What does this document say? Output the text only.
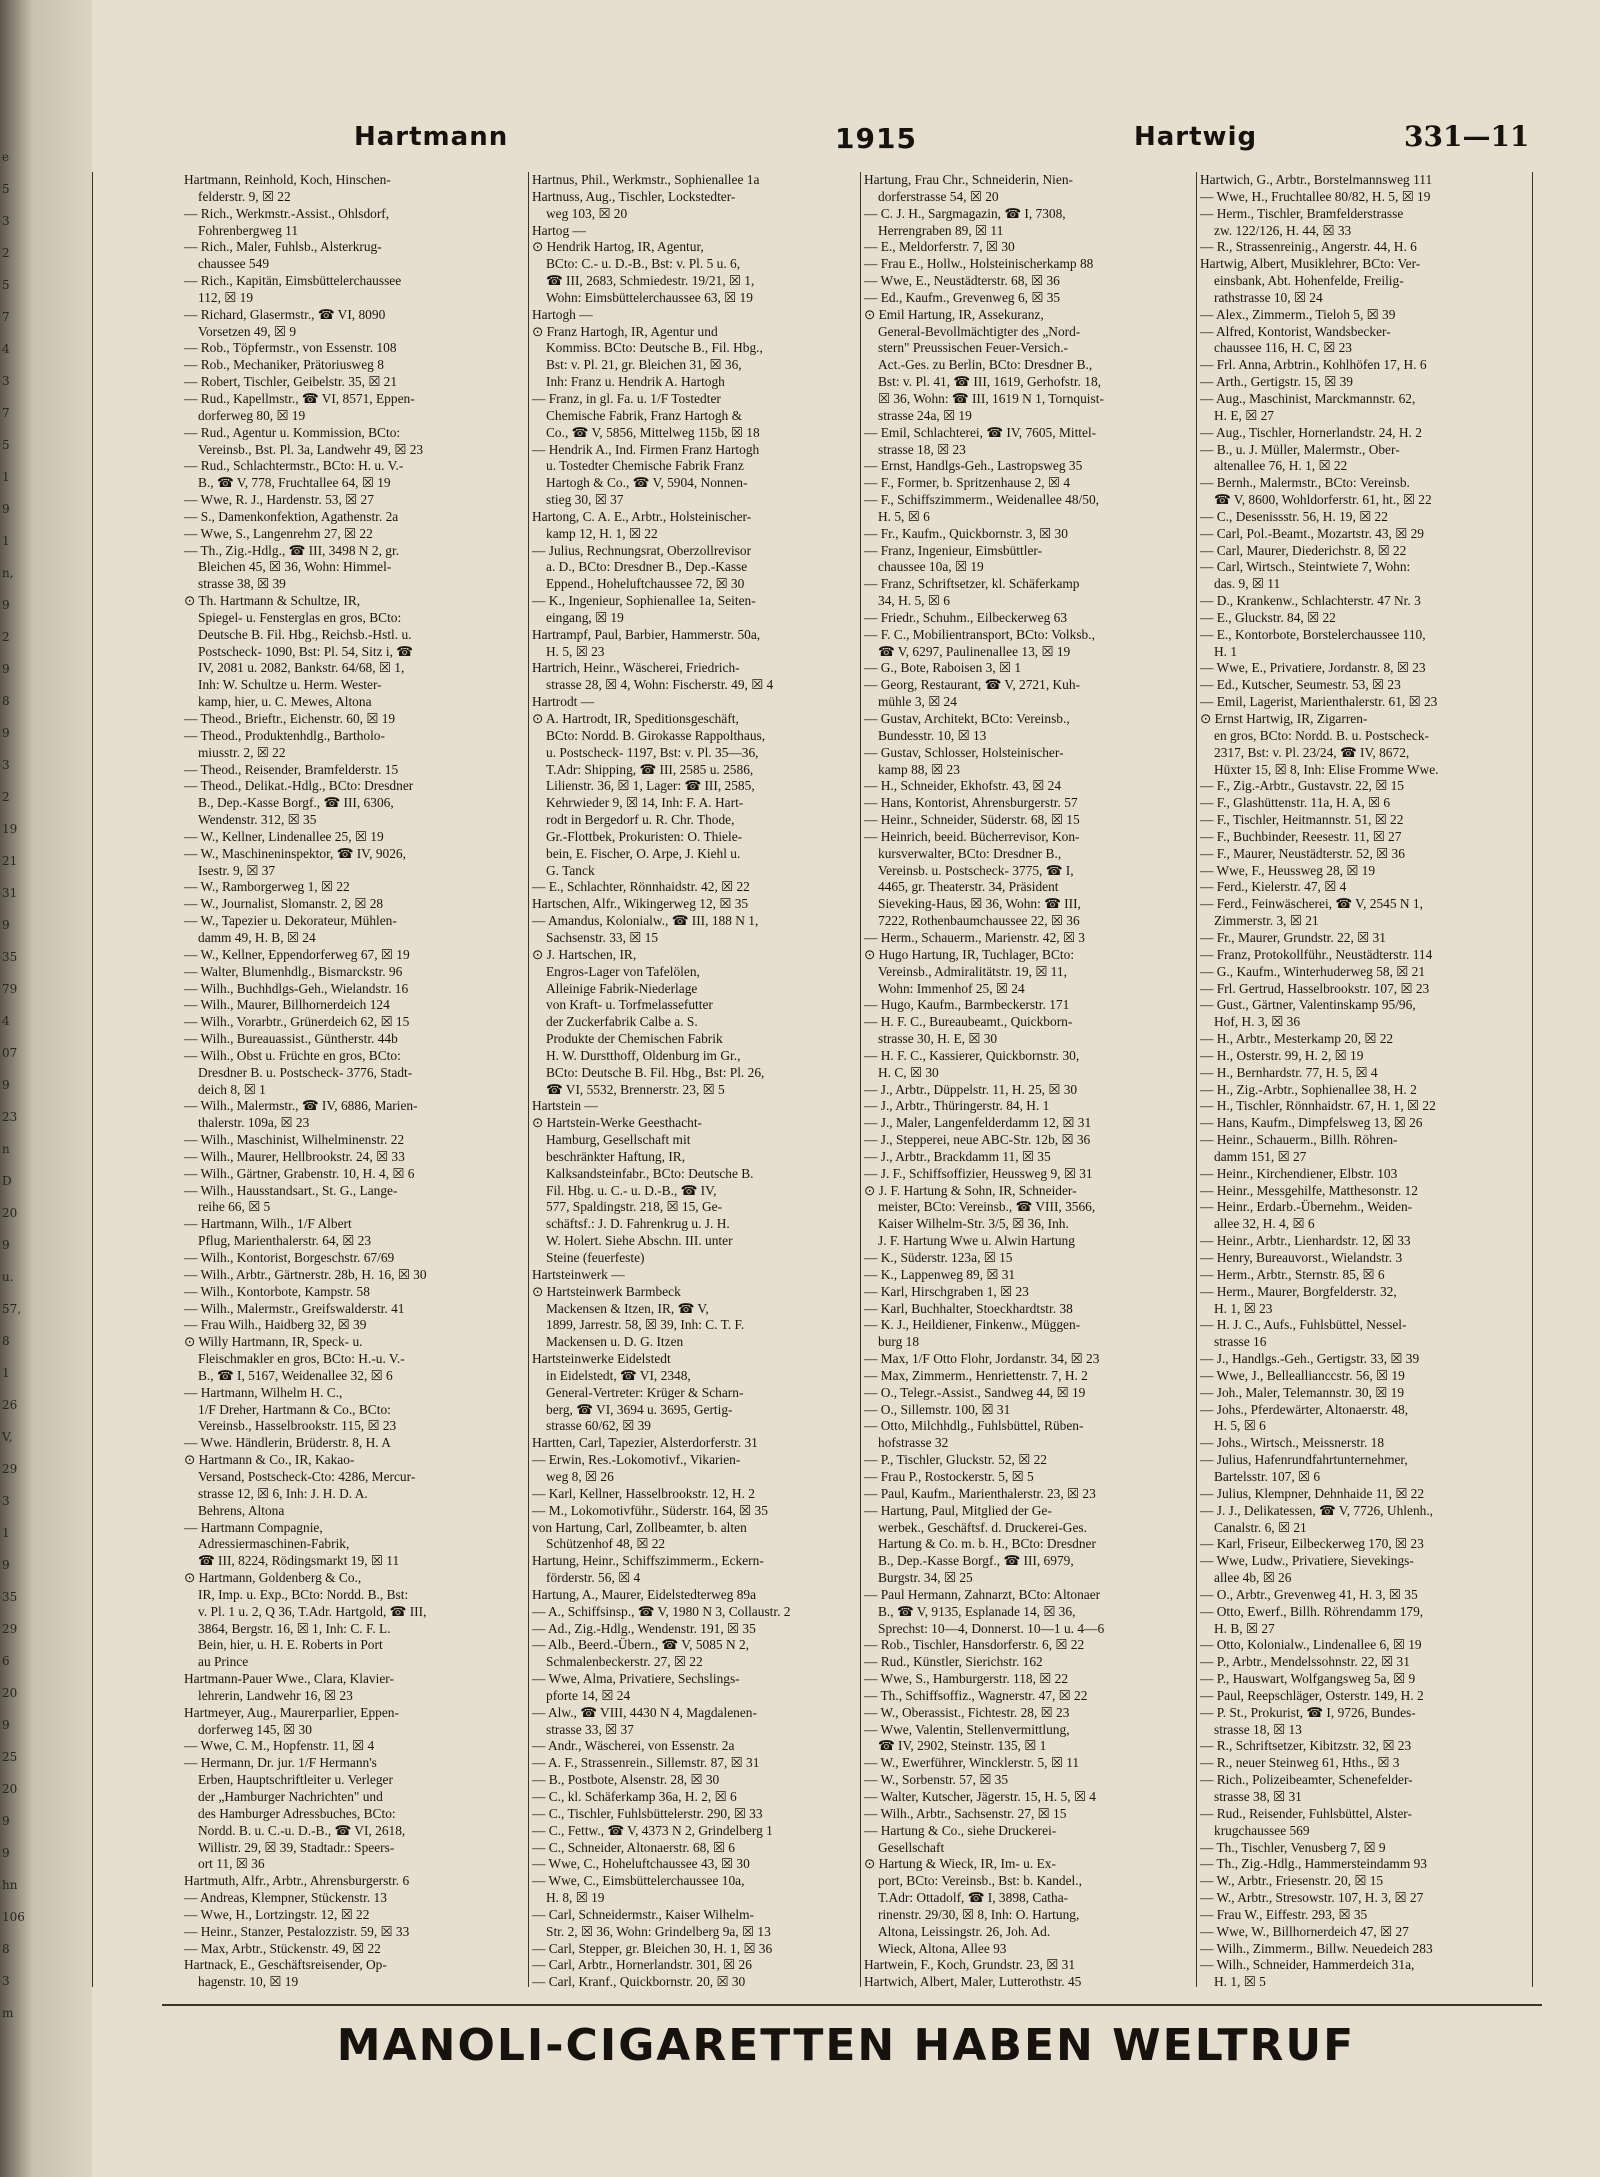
e
5
3
2
5
7
4
3
7
5
1
9
1
n,
9
2
9
8
9
3
2
19
21
31
9
35
79
4
07
9
23
n
D
20
9
u.
57,
8
1
26
V,
29
3
1
9
35
29
6
20
9
25
20
9
9
hn
106
8
3
m
Hartmann	1915	Hartwig	331—11

Hartmann, Reinhold, Koch, Hinschen-

felderstr. 9, ☒ 22

— Rich., Werkmstr.-Assist., Ohlsdorf,

Fohrenbergweg 11

— Rich., Maler, Fuhlsb., Alsterkrug-

chaussee 549

— Rich., Kapitän, Eimsbüttelerchaussee

112, ☒ 19

— Richard, Glasermstr., ☎ VI, 8090

Vorsetzen 49, ☒ 9

— Rob., Töpfermstr., von Essenstr. 108

— Rob., Mechaniker, Prätoriusweg 8

— Robert, Tischler, Geibelstr. 35, ☒ 21

— Rud., Kapellmstr., ☎ VI, 8571, Eppen-

dorferweg 80, ☒ 19

— Rud., Agentur u. Kommission, BCto:

Vereinsb., Bst. Pl. 3a, Landwehr 49, ☒ 23

— Rud., Schlachtermstr., BCto: H. u. V.-

B., ☎ V, 778, Fruchtallee 64, ☒ 19

— Wwe, R. J., Hardenstr. 53, ☒ 27

— S., Damenkonfektion, Agathenstr. 2a

— Wwe, S., Langenrehm 27, ☒ 22

— Th., Zig.-Hdlg., ☎ III, 3498 N 2, gr.

Bleichen 45, ☒ 36, Wohn: Himmel-

strasse 38, ☒ 39

⊙ Th. Hartmann & Schultze, IR,

Spiegel- u. Fensterglas en gros, BCto:

Deutsche B. Fil. Hbg., Reichsb.-Hstl. u.

Postscheck- 1090, Bst: Pl. 54, Sitz i, ☎

IV, 2081 u. 2082, Bankstr. 64/68, ☒ 1,

Inh: W. Schultze u. Herm. Wester-

kamp, hier, u. C. Mewes, Altona

— Theod., Brieftr., Eichenstr. 60, ☒ 19

— Theod., Produktenhdlg., Bartholo-

miusstr. 2, ☒ 22

— Theod., Reisender, Bramfelderstr. 15

— Theod., Delikat.-Hdlg., BCto: Dresdner

B., Dep.-Kasse Borgf., ☎ III, 6306,

Wendenstr. 312, ☒ 35

— W., Kellner, Lindenallee 25, ☒ 19

— W., Maschineninspektor, ☎ IV, 9026,

Isestr. 9, ☒ 37

— W., Ramborgerweg 1, ☒ 22

— W., Journalist, Slomanstr. 2, ☒ 28

— W., Tapezier u. Dekorateur, Mühlen-

damm 49, H. B, ☒ 24

— W., Kellner, Eppendorferweg 67, ☒ 19

— Walter, Blumenhdlg., Bismarckstr. 96

— Wilh., Buchhdlgs-Geh., Wielandstr. 16

— Wilh., Maurer, Billhornerdeich 124

— Wilh., Vorarbtr., Grünerdeich 62, ☒ 15

— Wilh., Bureauassist., Güntherstr. 44b

— Wilh., Obst u. Früchte en gros, BCto:

Dresdner B. u. Postscheck- 3776, Stadt-

deich 8, ☒ 1

— Wilh., Malermstr., ☎ IV, 6886, Marien-

thalerstr. 109a, ☒ 23

— Wilh., Maschinist, Wilhelminenstr. 22

— Wilh., Maurer, Hellbrookstr. 24, ☒ 33

— Wilh., Gärtner, Grabenstr. 10, H. 4, ☒ 6

— Wilh., Hausstandsart., St. G., Lange-

reihe 66, ☒ 5

— Hartmann, Wilh., 1/F Albert

Pflug, Marienthalerstr. 64, ☒ 23

— Wilh., Kontorist, Borgeschstr. 67/69

— Wilh., Arbtr., Gärtnerstr. 28b, H. 16, ☒ 30

— Wilh., Kontorbote, Kampstr. 58

— Wilh., Malermstr., Greifswalderstr. 41

— Frau Wilh., Haidberg 32, ☒ 39

⊙ Willy Hartmann, IR, Speck- u.

Fleischmakler en gros, BCto: H.-u. V.-

B., ☎ I, 5167, Weidenallee 32, ☒ 6

— Hartmann, Wilhelm H. C.,

1/F Dreher, Hartmann & Co., BCto:

Vereinsb., Hasselbrookstr. 115, ☒ 23

— Wwe. Händlerin, Brüderstr. 8, H. A

⊙ Hartmann & Co., IR, Kakao-

Versand, Postscheck-Cto: 4286, Mercur-

strasse 12, ☒ 6, Inh: J. H. D. A.

Behrens, Altona

— Hartmann Compagnie,

Adressiermaschinen-Fabrik,

☎ III, 8224, Rödingsmarkt 19, ☒ 11

⊙ Hartmann, Goldenberg & Co.,

IR, Imp. u. Exp., BCto: Nordd. B., Bst:

v. Pl. 1 u. 2, Q 36, T.Adr. Hartgold, ☎ III,

3864, Bergstr. 16, ☒ 1, Inh: C. F. L.

Bein, hier, u. H. E. Roberts in Port

au Prince

Hartmann-Pauer Wwe., Clara, Klavier-

lehrerin, Landwehr 16, ☒ 23

Hartmeyer, Aug., Maurerparlier, Eppen-

dorferweg 145, ☒ 30

— Wwe, C. M., Hopfenstr. 11, ☒ 4

— Hermann, Dr. jur. 1/F Hermann's

Erben, Hauptschriftleiter u. Verleger

der „Hamburger Nachrichten" und

des Hamburger Adressbuches, BCto:

Nordd. B. u. C.-u. D.-B., ☎ VI, 2618,

Willistr. 29, ☒ 39, Stadtadr.: Speers-

ort 11, ☒ 36

Hartmuth, Alfr., Arbtr., Ahrensburgerstr. 6

— Andreas, Klempner, Stückenstr. 13

— Wwe, H., Lortzingstr. 12, ☒ 22

— Heinr., Stanzer, Pestalozzistr. 59, ☒ 33

— Max, Arbtr., Stückenstr. 49, ☒ 22

Hartnack, E., Geschäftsreisender, Op-

hagenstr. 10, ☒ 19

Hartnus, Phil., Werkmstr., Sophienallee 1a

Hartnuss, Aug., Tischler, Lockstedter-

weg 103, ☒ 20

Hartog —

⊙ Hendrik Hartog, IR, Agentur,

BCto: C.- u. D.-B., Bst: v. Pl. 5 u. 6,

☎ III, 2683, Schmiedestr. 19/21, ☒ 1,

Wohn: Eimsbüttelerchaussee 63, ☒ 19

Hartogh —

⊙ Franz Hartogh, IR, Agentur und

Kommiss. BCto: Deutsche B., Fil. Hbg.,

Bst: v. Pl. 21, gr. Bleichen 31, ☒ 36,

Inh: Franz u. Hendrik A. Hartogh

— Franz, in gl. Fa. u. 1/F Tostedter

Chemische Fabrik, Franz Hartogh &

Co., ☎ V, 5856, Mittelweg 115b, ☒ 18

— Hendrik A., Ind. Firmen Franz Hartogh

u. Tostedter Chemische Fabrik Franz

Hartogh & Co., ☎ V, 5904, Nonnen-

stieg 30, ☒ 37

Hartong, C. A. E., Arbtr., Holsteinischer-

kamp 12, H. 1, ☒ 22

— Julius, Rechnungsrat, Oberzollrevisor

a. D., BCto: Dresdner B., Dep.-Kasse

Eppend., Hoheluftchaussee 72, ☒ 30

— K., Ingenieur, Sophienallee 1a, Seiten-

eingang, ☒ 19

Hartrampf, Paul, Barbier, Hammerstr. 50a,

H. 5, ☒ 23

Hartrich, Heinr., Wäscherei, Friedrich-

strasse 28, ☒ 4, Wohn: Fischerstr. 49, ☒ 4

Hartrodt —

⊙ A. Hartrodt, IR, Speditionsgeschäft,

BCto: Nordd. B. Girokasse Rappolthaus,

u. Postscheck- 1197, Bst: v. Pl. 35—36,

T.Adr: Shipping, ☎ III, 2585 u. 2586,

Lilienstr. 36, ☒ 1, Lager: ☎ III, 2585,

Kehrwieder 9, ☒ 14, Inh: F. A. Hart-

rodt in Bergedorf u. R. Chr. Thode,

Gr.-Flottbek, Prokuristen: O. Thiele-

bein, E. Fischer, O. Arpe, J. Kiehl u.

G. Tanck

— E., Schlachter, Rönnhaidstr. 42, ☒ 22

Hartschen, Alfr., Wikingerweg 12, ☒ 35

— Amandus, Kolonialw., ☎ III, 188 N 1,

Sachsenstr. 33, ☒ 15

⊙ J. Hartschen, IR,

Engros-Lager von Tafelölen,

Alleinige Fabrik-Niederlage

von Kraft- u. Torfmelassefutter

der Zuckerfabrik Calbe a. S.

Produkte der Chemischen Fabrik

H. W. Durstthoff, Oldenburg im Gr.,

BCto: Deutsche B. Fil. Hbg., Bst: Pl. 26,

☎ VI, 5532, Brennerstr. 23, ☒ 5

Hartstein —

⊙ Hartstein-Werke Geesthacht-

Hamburg, Gesellschaft mit

beschränkter Haftung, IR,

Kalksandsteinfabr., BCto: Deutsche B.

Fil. Hbg. u. C.- u. D.-B., ☎ IV,

577, Spaldingstr. 218, ☒ 15, Ge-

schäftsf.: J. D. Fahrenkrug u. J. H.

W. Holert. Siehe Abschn. III. unter

Steine (feuerfeste)

Hartsteinwerk —

⊙ Hartsteinwerk Barmbeck

Mackensen & Itzen, IR, ☎ V,

1899, Jarrestr. 58, ☒ 39, Inh: C. T. F.

Mackensen u. D. G. Itzen

Hartsteinwerke Eidelstedt

in Eidelstedt, ☎ VI, 2348,

General-Vertreter: Krüger & Scharn-

berg, ☎ VI, 3694 u. 3695, Gertig-

strasse 60/62, ☒ 39

Hartten, Carl, Tapezier, Alsterdorferstr. 31

— Erwin, Res.-Lokomotivf., Vikarien-

weg 8, ☒ 26

— Karl, Kellner, Hasselbrookstr. 12, H. 2

— M., Lokomotivführ., Süderstr. 164, ☒ 35

von Hartung, Carl, Zollbeamter, b. alten

Schützenhof 48, ☒ 22

Hartung, Heinr., Schiffszimmerm., Eckern-

förderstr. 56, ☒ 4

Hartung, A., Maurer, Eidelstedterweg 89a

— A., Schiffsinsp., ☎ V, 1980 N 3, Collaustr. 2

— Ad., Zig.-Hdlg., Wendenstr. 191, ☒ 35

— Alb., Beerd.-Übern., ☎ V, 5085 N 2,

Schmalenbeckerstr. 27, ☒ 22

— Wwe, Alma, Privatiere, Sechslings-

pforte 14, ☒ 24

— Alw., ☎ VIII, 4430 N 4, Magdalenen-

strasse 33, ☒ 37

— Andr., Wäscherei, von Essenstr. 2a

— A. F., Strassenrein., Sillemstr. 87, ☒ 31

— B., Postbote, Alsenstr. 28, ☒ 30

— C., kl. Schäferkamp 36a, H. 2, ☒ 6

— C., Tischler, Fuhlsbüttelerstr. 290, ☒ 33

— C., Fettw., ☎ V, 4373 N 2, Grindelberg 1

— C., Schneider, Altonaerstr. 68, ☒ 6

— Wwe, C., Hoheluftchaussee 43, ☒ 30

— Wwe, C., Eimsbüttelerchaussee 10a,

H. 8, ☒ 19

— Carl, Schneidermstr., Kaiser Wilhelm-

Str. 2, ☒ 36, Wohn: Grindelberg 9a, ☒ 13

— Carl, Stepper, gr. Bleichen 30, H. 1, ☒ 36

— Carl, Arbtr., Hornerlandstr. 301, ☒ 26

— Carl, Kranf., Quickbornstr. 20, ☒ 30

Hartung, Frau Chr., Schneiderin, Nien-

dorferstrasse 54, ☒ 20

— C. J. H., Sargmagazin, ☎ I, 7308,

Herrengraben 89, ☒ 11

— E., Meldorferstr. 7, ☒ 30

— Frau E., Hollw., Holsteinischerkamp 88

— Wwe, E., Neustädterstr. 68, ☒ 36

— Ed., Kaufm., Grevenweg 6, ☒ 35

⊙ Emil Hartung, IR, Assekuranz,

General-Bevollmächtigter des „Nord-

stern" Preussischen Feuer-Versich.-

Act.-Ges. zu Berlin, BCto: Dresdner B.,

Bst: v. Pl. 41, ☎ III, 1619, Gerhofstr. 18,

☒ 36, Wohn: ☎ III, 1619 N 1, Tornquist-

strasse 24a, ☒ 19

— Emil, Schlachterei, ☎ IV, 7605, Mittel-

strasse 18, ☒ 23

— Ernst, Handlgs-Geh., Lastropsweg 35

— F., Former, b. Spritzenhause 2, ☒ 4

— F., Schiffszimmerm., Weidenallee 48/50,

H. 5, ☒ 6

— Fr., Kaufm., Quickbornstr. 3, ☒ 30

— Franz, Ingenieur, Eimsbüttler-

chaussee 10a, ☒ 19

— Franz, Schriftsetzer, kl. Schäferkamp

34, H. 5, ☒ 6

— Friedr., Schuhm., Eilbeckerweg 63

— F. C., Mobilientransport, BCto: Volksb.,

☎ V, 6297, Paulinenallee 13, ☒ 19

— G., Bote, Raboisen 3, ☒ 1

— Georg, Restaurant, ☎ V, 2721, Kuh-

mühle 3, ☒ 24

— Gustav, Architekt, BCto: Vereinsb.,

Bundesstr. 10, ☒ 13

— Gustav, Schlosser, Holsteinischer-

kamp 88, ☒ 23

— H., Schneider, Ekhofstr. 43, ☒ 24

— Hans, Kontorist, Ahrensburgerstr. 57

— Heinr., Schneider, Süderstr. 68, ☒ 15

— Heinrich, beeid. Bücherrevisor, Kon-

kursverwalter, BCto: Dresdner B.,

Vereinsb. u. Postscheck- 3775, ☎ I,

4465, gr. Theaterstr. 34, Präsident

Sieveking-Haus, ☒ 36, Wohn: ☎ III,

7222, Rothenbaumchaussee 22, ☒ 36

— Herm., Schauerm., Marienstr. 42, ☒ 3

⊙ Hugo Hartung, IR, Tuchlager, BCto:

Vereinsb., Admiralitätstr. 19, ☒ 11,

Wohn: Immenhof 25, ☒ 24

— Hugo, Kaufm., Barmbeckerstr. 171

— H. F. C., Bureaubeamt., Quickborn-

strasse 30, H. E, ☒ 30

— H. F. C., Kassierer, Quickbornstr. 30,

H. C, ☒ 30

— J., Arbtr., Düppelstr. 11, H. 25, ☒ 30

— J., Arbtr., Thüringerstr. 84, H. 1

— J., Maler, Langenfelderdamm 12, ☒ 31

— J., Stepperei, neue ABC-Str. 12b, ☒ 36

— J., Arbtr., Brackdamm 11, ☒ 35

— J. F., Schiffsoffizier, Heussweg 9, ☒ 31

⊙ J. F. Hartung & Sohn, IR, Schneider-

meister, BCto: Vereinsb., ☎ VIII, 3566,

Kaiser Wilhelm-Str. 3/5, ☒ 36, Inh.

J. F. Hartung Wwe u. Alwin Hartung

— K., Süderstr. 123a, ☒ 15

— K., Lappenweg 89, ☒ 31

— Karl, Hirschgraben 1, ☒ 23

— Karl, Buchhalter, Stoeckhardtstr. 38

— K. J., Heildiener, Finkenw., Müggen-

burg 18

— Max, 1/F Otto Flohr, Jordanstr. 34, ☒ 23

— Max, Zimmerm., Henriettenstr. 7, H. 2

— O., Telegr.-Assist., Sandweg 44, ☒ 19

— O., Sillemstr. 100, ☒ 31

— Otto, Milchhdlg., Fuhlsbüttel, Rüben-

hofstrasse 32

— P., Tischler, Gluckstr. 52, ☒ 22

— Frau P., Rostockerstr. 5, ☒ 5

— Paul, Kaufm., Marienthalerstr. 23, ☒ 23

— Hartung, Paul, Mitglied der Ge-

werbek., Geschäftsf. d. Druckerei-Ges.

Hartung & Co. m. b. H., BCto: Dresdner

B., Dep.-Kasse Borgf., ☎ III, 6979,

Burgstr. 34, ☒ 25

— Paul Hermann, Zahnarzt, BCto: Altonaer

B., ☎ V, 9135, Esplanade 14, ☒ 36,

Sprechst: 10—4, Donnerst. 10—1 u. 4—6

— Rob., Tischler, Hansdorferstr. 6, ☒ 22

— Rud., Künstler, Sierichstr. 162

— Wwe, S., Hamburgerstr. 118, ☒ 22

— Th., Schiffsoffiz., Wagnerstr. 47, ☒ 22

— W., Oberassist., Fichtestr. 28, ☒ 23

— Wwe, Valentin, Stellenvermittlung,

☎ IV, 2902, Steinstr. 135, ☒ 1

— W., Ewerführer, Wincklerstr. 5, ☒ 11

— W., Sorbenstr. 57, ☒ 35

— Walter, Kutscher, Jägerstr. 15, H. 5, ☒ 4

— Wilh., Arbtr., Sachsenstr. 27, ☒ 15

— Hartung & Co., siehe Druckerei-

Gesellschaft

⊙ Hartung & Wieck, IR, Im- u. Ex-

port, BCto: Vereinsb., Bst: b. Kandel.,

T.Adr: Ottadolf, ☎ I, 3898, Catha-

rinenstr. 29/30, ☒ 8, Inh: O. Hartung,

Altona, Leissingstr. 26, Joh. Ad.

Wieck, Altona, Allee 93

Hartwein, F., Koch, Grundstr. 23, ☒ 31

Hartwich, Albert, Maler, Lutterothstr. 45

Hartwich, G., Arbtr., Borstelmannsweg 111

— Wwe, H., Fruchtallee 80/82, H. 5, ☒ 19

— Herm., Tischler, Bramfelderstrasse

zw. 122/126, H. 44, ☒ 33

— R., Strassenreinig., Angerstr. 44, H. 6

Hartwig, Albert, Musiklehrer, BCto: Ver-

einsbank, Abt. Hohenfelde, Freilig-

rathstrasse 10, ☒ 24

— Alex., Zimmerm., Tieloh 5, ☒ 39

— Alfred, Kontorist, Wandsbecker-

chaussee 116, H. C, ☒ 23

— Frl. Anna, Arbtrin., Kohlhöfen 17, H. 6

— Arth., Gertigstr. 15, ☒ 39

— Aug., Maschinist, Marckmannstr. 62,

H. E, ☒ 27

— Aug., Tischler, Hornerlandstr. 24, H. 2

— B., u. J. Müller, Malermstr., Ober-

altenallee 76, H. 1, ☒ 22

— Bernh., Malermstr., BCto: Vereinsb.

☎ V, 8600, Wohldorferstr. 61, ht., ☒ 22

— C., Desenissstr. 56, H. 19, ☒ 22

— Carl, Pol.-Beamt., Mozartstr. 43, ☒ 29

— Carl, Maurer, Diederichstr. 8, ☒ 22

— Carl, Wirtsch., Steintwiete 7, Wohn:

das. 9, ☒ 11

— D., Krankenw., Schlachterstr. 47 Nr. 3

— E., Gluckstr. 84, ☒ 22

— E., Kontorbote, Borstelerchaussee 110,

H. 1

— Wwe, E., Privatiere, Jordanstr. 8, ☒ 23

— Ed., Kutscher, Seumestr. 53, ☒ 23

— Emil, Lagerist, Marienthalerstr. 61, ☒ 23

⊙ Ernst Hartwig, IR, Zigarren-

en gros, BCto: Nordd. B. u. Postscheck-

2317, Bst: v. Pl. 23/24, ☎ IV, 8672,

Hüxter 15, ☒ 8, Inh: Elise Fromme Wwe.

— F., Zig.-Arbtr., Gustavstr. 22, ☒ 15

— F., Glashüttenstr. 11a, H. A, ☒ 6

— F., Tischler, Heitmannstr. 51, ☒ 22

— F., Buchbinder, Reesestr. 11, ☒ 27

— F., Maurer, Neustädterstr. 52, ☒ 36

— Wwe, F., Heussweg 28, ☒ 19

— Ferd., Kielerstr. 47, ☒ 4

— Ferd., Feinwäscherei, ☎ V, 2545 N 1,

Zimmerstr. 3, ☒ 21

— Fr., Maurer, Grundstr. 22, ☒ 31

— Franz, Protokollführ., Neustädterstr. 114

— G., Kaufm., Winterhuderweg 58, ☒ 21

— Frl. Gertrud, Hasselbrookstr. 107, ☒ 23

— Gust., Gärtner, Valentinskamp 95/96,

Hof, H. 3, ☒ 36

— H., Arbtr., Mesterkamp 20, ☒ 22

— H., Osterstr. 99, H. 2, ☒ 19

— H., Bernhardstr. 77, H. 5, ☒ 4

— H., Zig.-Arbtr., Sophienallee 38, H. 2

— H., Tischler, Rönnhaidstr. 67, H. 1, ☒ 22

— Hans, Kaufm., Dimpfelsweg 13, ☒ 26

— Heinr., Schauerm., Billh. Röhren-

damm 151, ☒ 27

— Heinr., Kirchendiener, Elbstr. 103

— Heinr., Messgehilfe, Matthesonstr. 12

— Heinr., Erdarb.-Übernehm., Weiden-

allee 32, H. 4, ☒ 6

— Heinr., Arbtr., Lienhardstr. 12, ☒ 33

— Henry, Bureauvorst., Wielandstr. 3

— Herm., Arbtr., Sternstr. 85, ☒ 6

— Herm., Maurer, Borgfelderstr. 32,

H. 1, ☒ 23

— H. J. C., Aufs., Fuhlsbüttel, Nessel-

strasse 16

— J., Handlgs.-Geh., Gertigstr. 33, ☒ 39

— Wwe, J., Belleallianccstr. 56, ☒ 19

— Joh., Maler, Telemannstr. 30, ☒ 19

— Johs., Pferdewärter, Altonaerstr. 48,

H. 5, ☒ 6

— Johs., Wirtsch., Meissnerstr. 18

— Julius, Hafenrundfahrtunternehmer,

Bartelsstr. 107, ☒ 6

— Julius, Klempner, Dehnhaide 11, ☒ 22

— J. J., Delikatessen, ☎ V, 7726, Uhlenh.,

Canalstr. 6, ☒ 21

— Karl, Friseur, Eilbeckerweg 170, ☒ 23

— Wwe, Ludw., Privatiere, Sievekings-

allee 4b, ☒ 26

— O., Arbtr., Grevenweg 41, H. 3, ☒ 35

— Otto, Ewerf., Billh. Röhrendamm 179,

H. B, ☒ 27

— Otto, Kolonialw., Lindenallee 6, ☒ 19

— P., Arbtr., Mendelssohnstr. 22, ☒ 31

— P., Hauswart, Wolfgangsweg 5a, ☒ 9

— Paul, Reepschläger, Osterstr. 149, H. 2

— P. St., Prokurist, ☎ I, 9726, Bundes-

strasse 18, ☒ 13

— R., Schriftsetzer, Kibitzstr. 32, ☒ 23

— R., neuer Steinweg 61, Hths., ☒ 3

— Rich., Polizeibeamter, Schenefelder-

strasse 38, ☒ 31

— Rud., Reisender, Fuhlsbüttel, Alster-

krugchaussee 569

— Th., Tischler, Venusberg 7, ☒ 9

— Th., Zig.-Hdlg., Hammersteindamm 93

— W., Arbtr., Friesenstr. 20, ☒ 15

— W., Arbtr., Stresowstr. 107, H. 3, ☒ 27

— Frau W., Eiffestr. 293, ☒ 35

— Wwe, W., Billhornerdeich 47, ☒ 27

— Wilh., Zimmerm., Billw. Neuedeich 283

— Wilh., Schneider, Hammerdeich 31a,

H. 1, ☒ 5

MANOLI-CIGARETTEN HABEN WELTRUF
